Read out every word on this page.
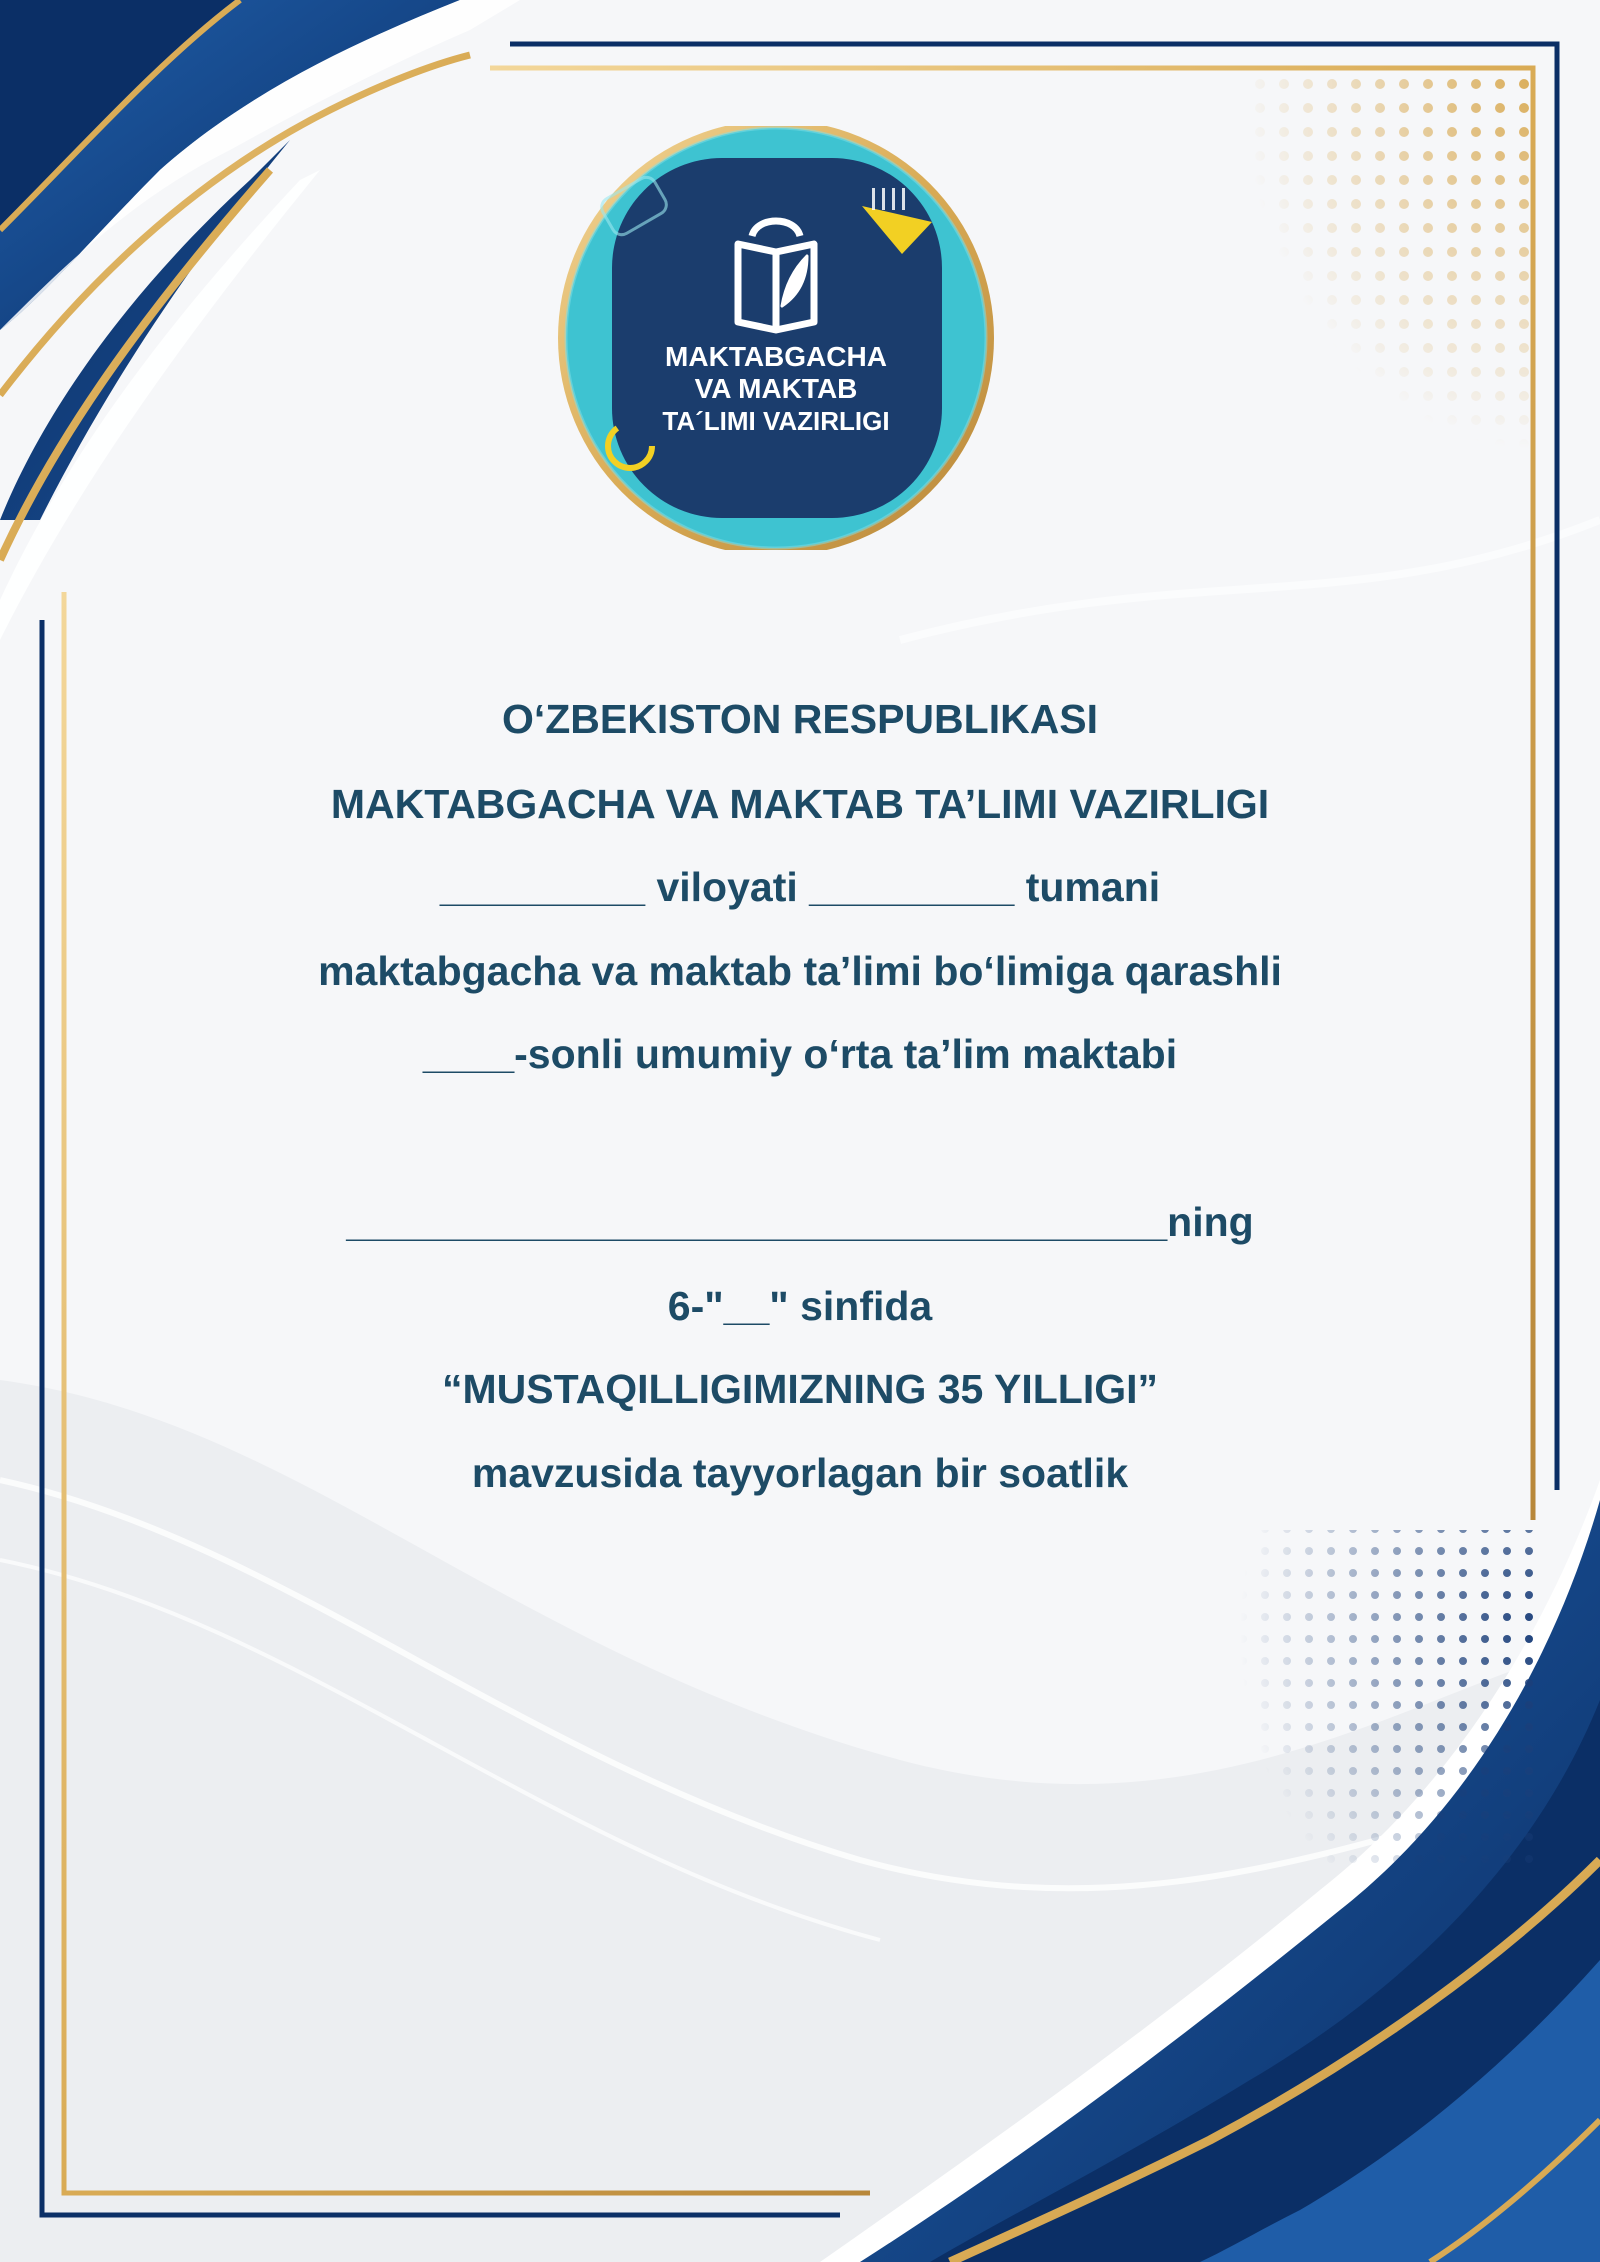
MAKTABGACHA
VA MAKTAB
TA´LIMI VAZIRLIGI
O‘ZBEKISTON RESPUBLIKASI
MAKTABGACHA VA MAKTAB TA’LIMI VAZIRLIGI
_________ viloyati _________ tumani
maktabgacha va maktab ta’limi bo‘limiga qarashli
____-sonli umumiy o‘rta ta’lim maktabi
____________________________________ning
6-"__" sinfida
“MUSTAQILLIGIMIZNING 35 YILLIGI”
mavzusida tayyorlagan bir soatlik
